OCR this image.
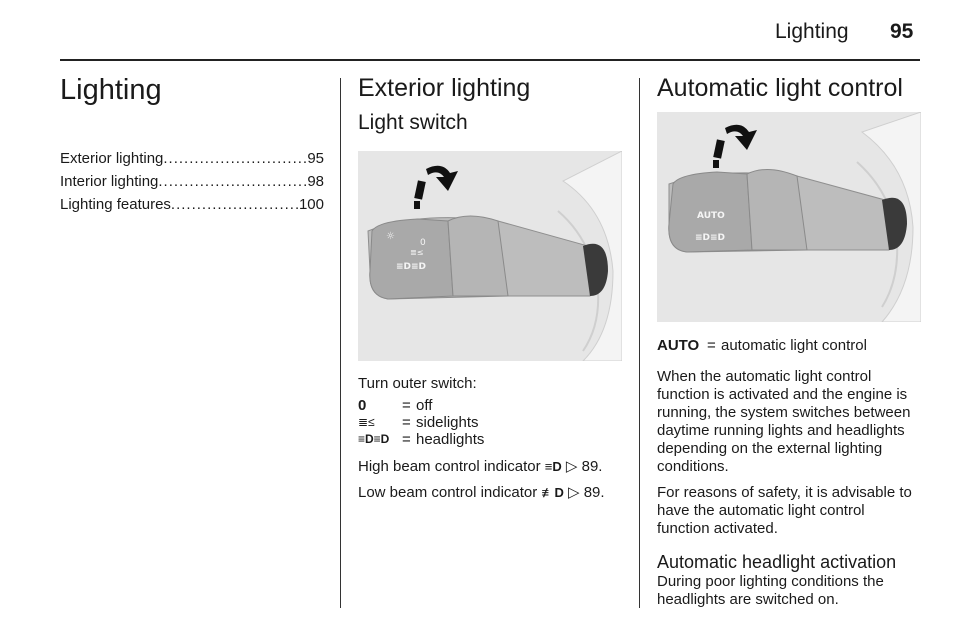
Lighting 95
Lighting
Exterior lighting .....	95
Interior lighting .....	98
Lighting features .....	100
Exterior lighting
Light switch
☼
0
≣≤
≡D≡D

Turn outer switch:

0	= off
≣≤	= sidelights
≡D≡D = headlights

High beam control indicator ≡D ▷ 89.

Low beam control indicator ≢D ▷ 89.

Automatic light control
AUTO
≡D≡D
AUTO = automatic light control

When the automatic light control function is activated and the engine is running, the system switches between daytime running lights and headlights depending on the external lighting conditions.

For reasons of safety, it is advisable to have the automatic light control function activated.

Automatic headlight activation

During poor lighting conditions the headlights are switched on.
